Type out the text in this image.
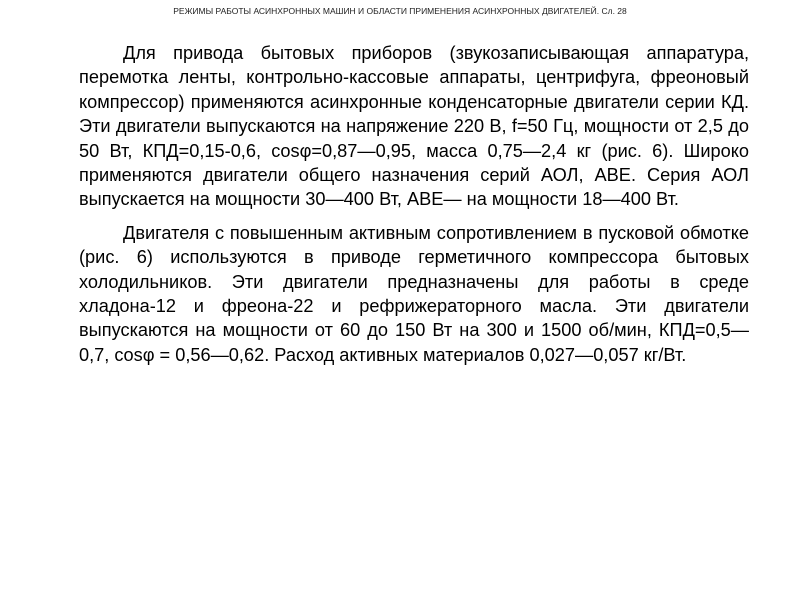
РЕЖИМЫ РАБОТЫ АСИНХРОННЫХ МАШИН И ОБЛАСТИ ПРИМЕНЕНИЯ АСИНХРОННЫХ ДВИГАТЕЛЕЙ. Сл. 28

Для привода бытовых приборов (звукозаписывающая аппаратура, перемотка ленты, контрольно-кассовые аппараты, центрифуга, фреоновый компрессор) применяются асинхронные конденсаторные двигатели серии КД. Эти двигатели выпускаются на напряжение 220 В, f=50 Гц, мощности от 2,5 до 50 Вт, КПД=0,15-0,6, cosφ=0,87—0,95, масса 0,75—2,4 кг (рис. 6). Широко применяются двигатели общего назначения серий АОЛ, АВЕ. Серия АОЛ выпускается на мощности 30—400 Вт, АВЕ— на мощности 18—400 Вт.

Двигателя с повышенным активным сопротивлением в пусковой обмотке (рис. 6) используются в приводе герметичного компрессора бытовых холодильников. Эти двигатели предназначены для работы в среде хладона-12 и фреона-22 и рефрижераторного масла. Эти двигатели выпускаются на мощности от 60 до 150 Вт на 300 и 1500 об/мин, КПД=0,5—0,7, cosφ = 0,56—0,62. Расход активных материалов 0,027—0,057 кг/Вт.
